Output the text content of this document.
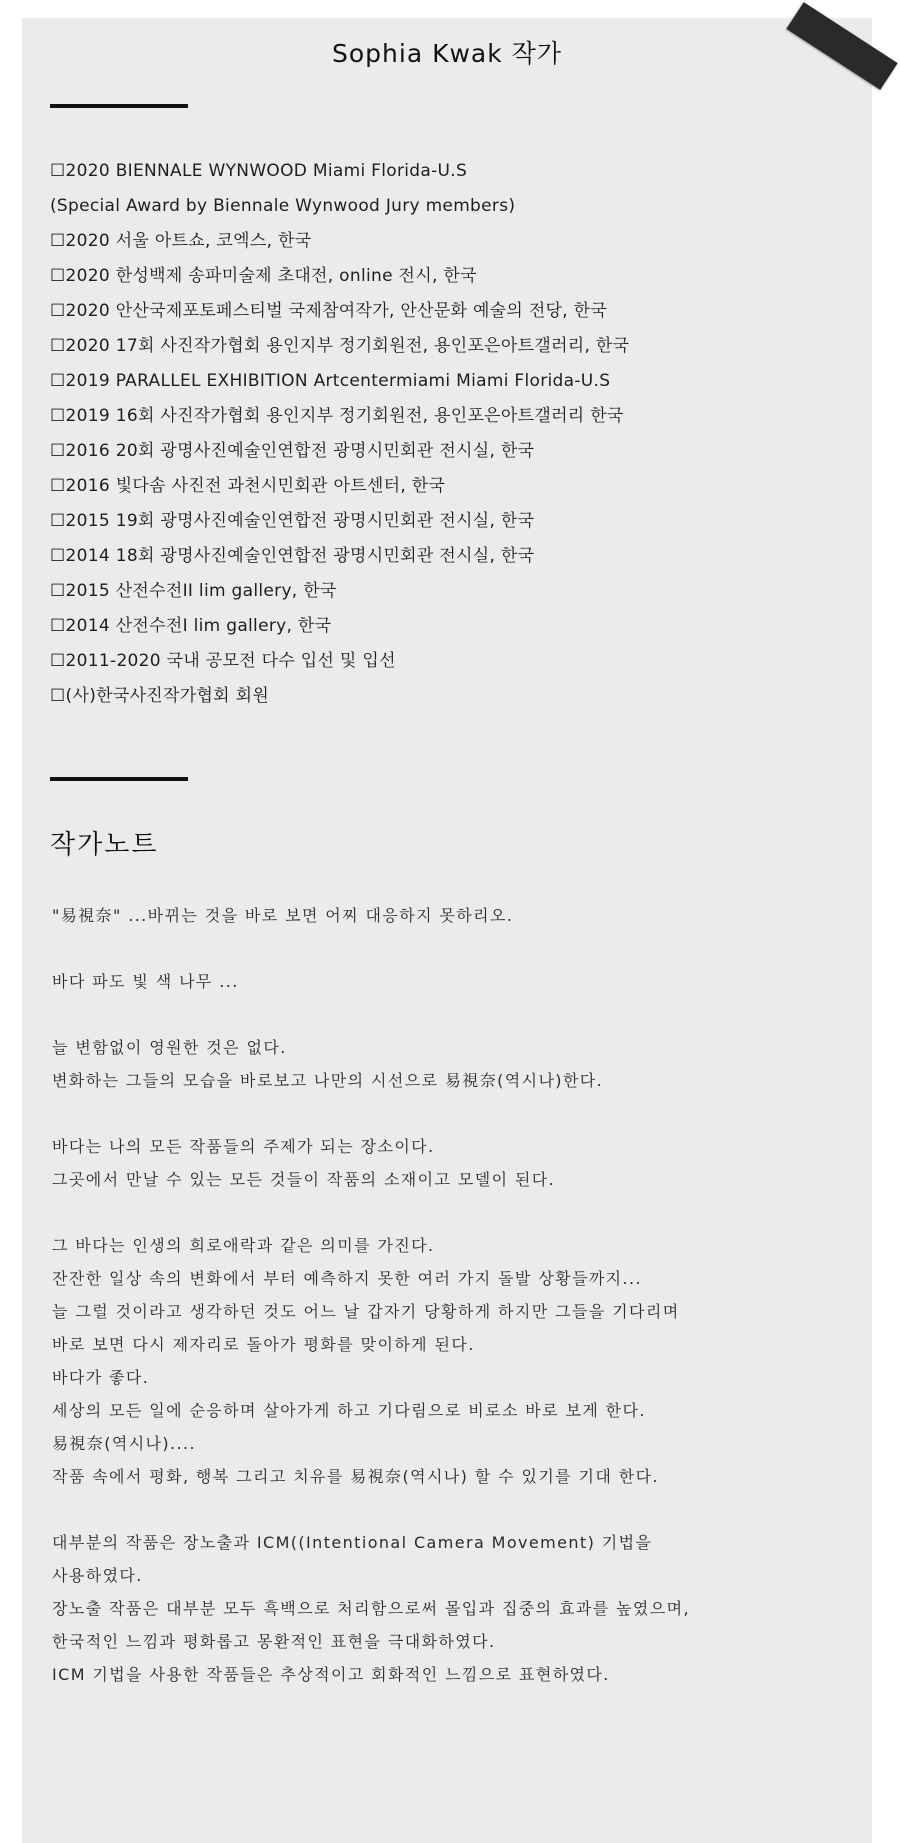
Sophia Kwak 작가
☐2020 BIENNALE WYNWOOD Miami Florida-U.S
(Special Award by Biennale Wynwood Jury members)
☐2020 서울 아트쇼, 코엑스, 한국
☐2020 한성백제 송파미술제 초대전, online 전시, 한국
☐2020 안산국제포토페스티벌 국제참여작가, 안산문화 예술의 전당, 한국
☐2020 17회 사진작가협회 용인지부 정기회원전, 용인포은아트갤러리, 한국
☐2019 PARALLEL EXHIBITION Artcentermiami Miami Florida-U.S
☐2019 16회 사진작가협회 용인지부 정기회원전, 용인포은아트갤러리 한국
☐2016 20회 광명사진예술인연합전 광명시민회관 전시실, 한국
☐2016 빛다솜 사진전 과천시민회관 아트센터, 한국
☐2015 19회 광명사진예술인연합전 광명시민회관 전시실, 한국
☐2014 18회 광명사진예술인연합전 광명시민회관 전시실, 한국
☐2015 산전수전II lim gallery, 한국
☐2014 산전수전I lim gallery, 한국
☐2011-2020 국내 공모전 다수 입선 및 입선
☐(사)한국사진작가협회 회원
작가노트

"易視奈" ...바뀌는 것을 바로 보면 어찌 대응하지 못하리오.

바다 파도 빛 색 나무 ...

늘 변함없이 영원한 것은 없다.

변화하는 그들의 모습을 바로보고 나만의 시선으로 易視奈(역시나)한다.

바다는 나의 모든 작품들의 주제가 되는 장소이다.

그곳에서 만날 수 있는 모든 것들이 작품의 소재이고 모델이 된다.

그 바다는 인생의 희로애락과 같은 의미를 가진다.

잔잔한 일상 속의 변화에서 부터 예측하지 못한 여러 가지 돌발 상황들까지...

늘 그럴 것이라고 생각하던 것도 어느 날 갑자기 당황하게 하지만 그들을 기다리며

바로 보면 다시 제자리로 돌아가 평화를 맞이하게 된다.

바다가 좋다.

세상의 모든 일에 순응하며 살아가게 하고 기다림으로 비로소 바로 보게 한다.

易視奈(역시나)....

작품 속에서 평화, 행복 그리고 치유를 易視奈(역시나) 할 수 있기를 기대 한다.

대부분의 작품은 장노출과 ICM((Intentional Camera Movement) 기법을

사용하였다.

장노출 작품은 대부분 모두 흑백으로 처리함으로써 몰입과 집중의 효과를 높였으며,

한국적인 느낌과 평화롭고 몽환적인 표현을 극대화하였다.

ICM 기법을 사용한 작품들은 추상적이고 회화적인 느낌으로 표현하였다.
